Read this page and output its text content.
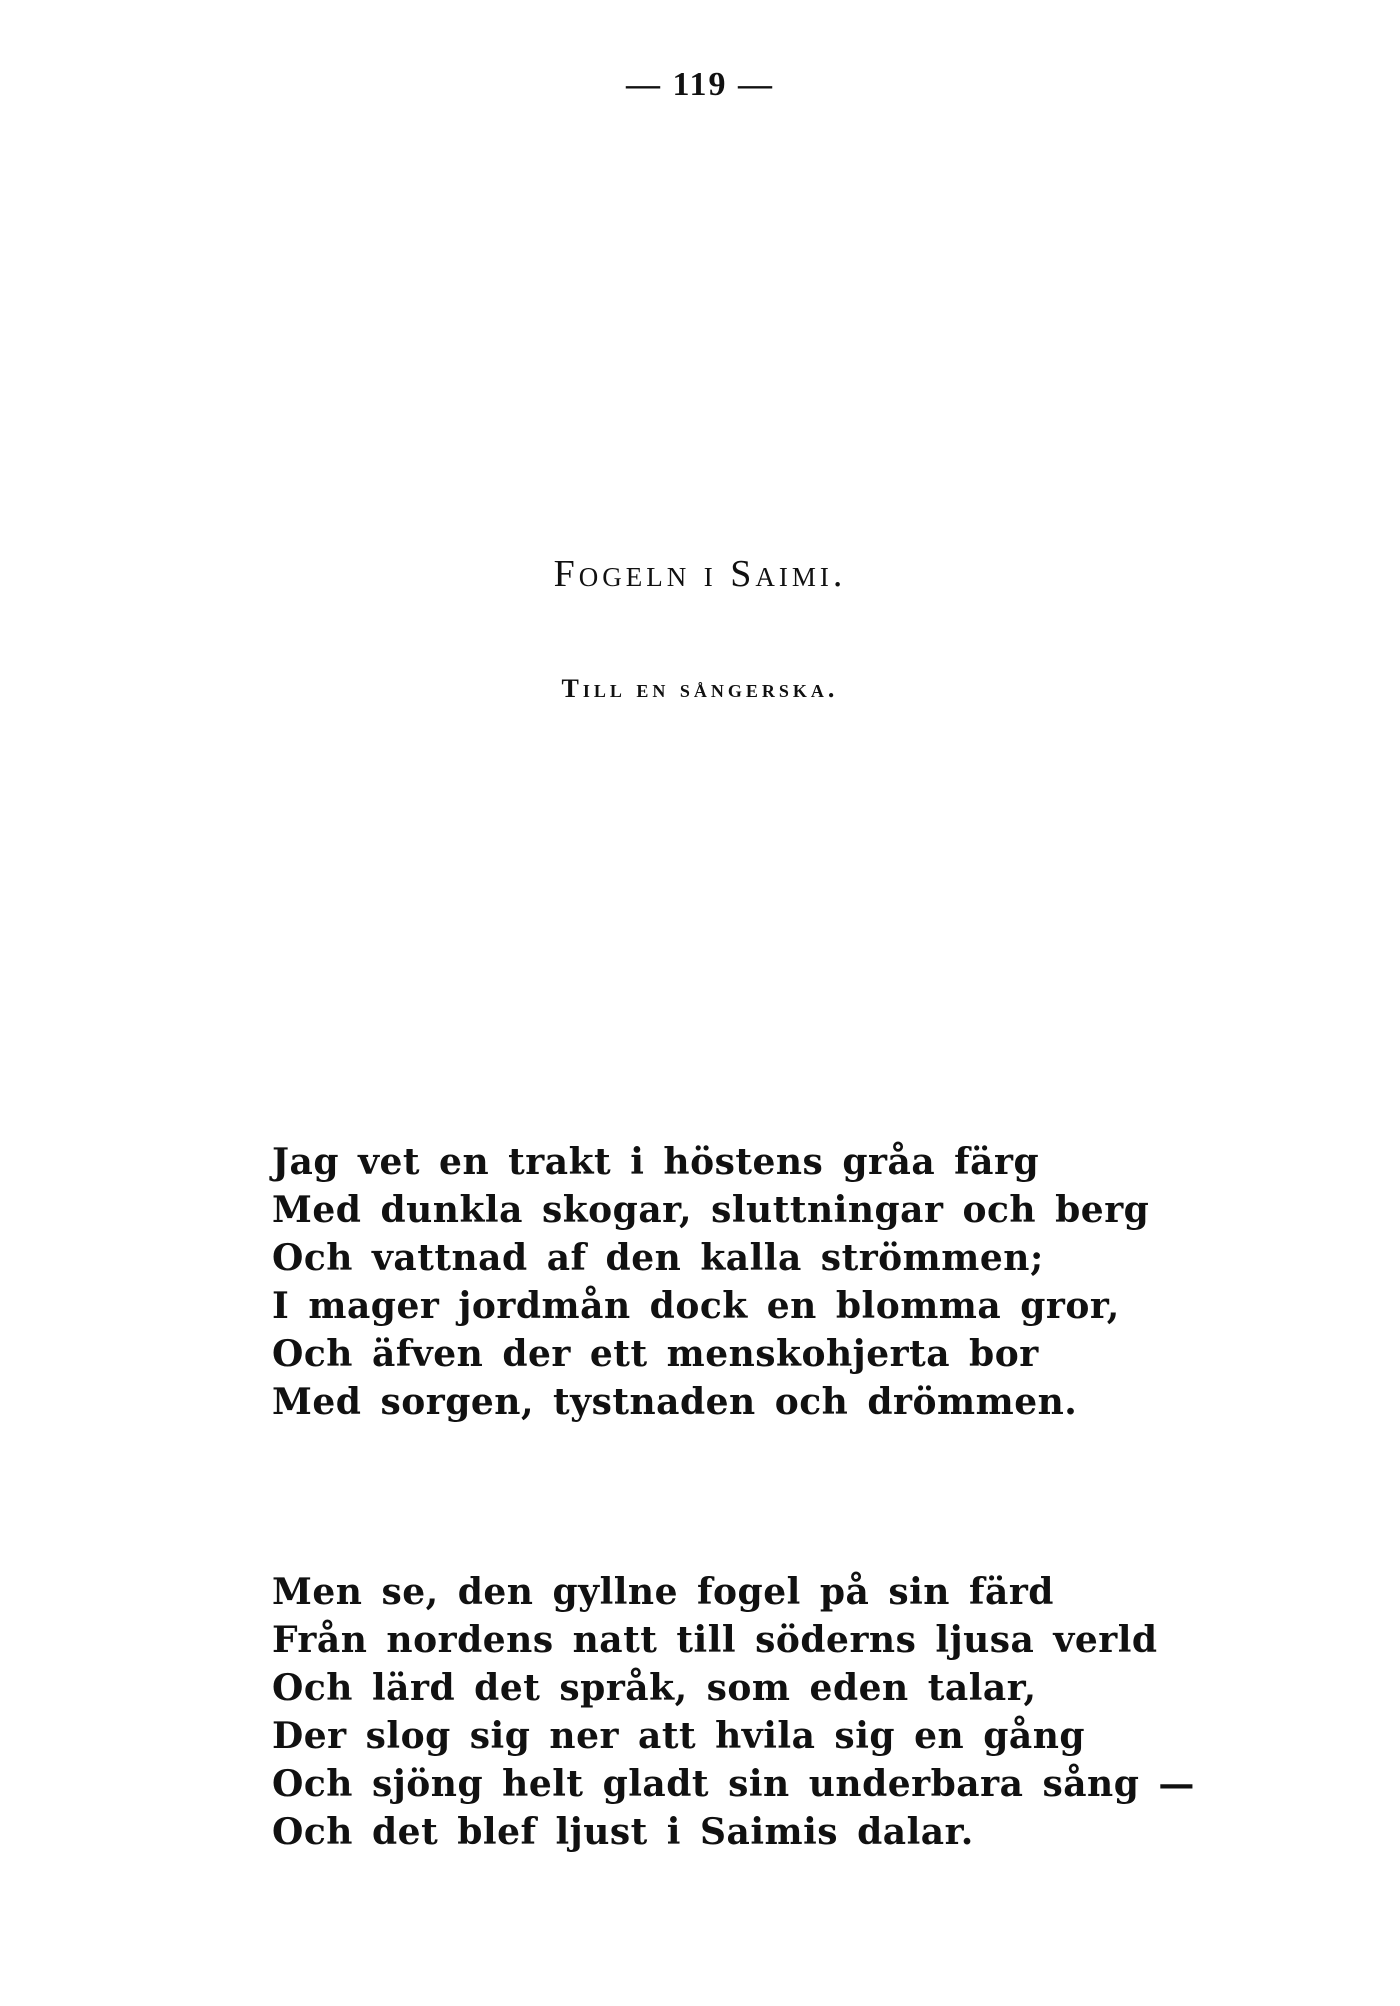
— 119 —
Fogeln i Saimi.
Till en sångerska.
Jag vet en trakt i höstens gråa färg
Med dunkla skogar, sluttningar och berg
Och vattnad af den kalla strömmen;
I mager jordmån dock en blomma gror,
Och äfven der ett menskohjerta bor
Med sorgen, tystnaden och drömmen.
Men se, den gyllne fogel på sin färd
Från nordens natt till söderns ljusa verld
Och lärd det språk, som eden talar,
Der slog sig ner att hvila sig en gång
Och sjöng helt gladt sin underbara sång —
Och det blef ljust i Saimis dalar.
